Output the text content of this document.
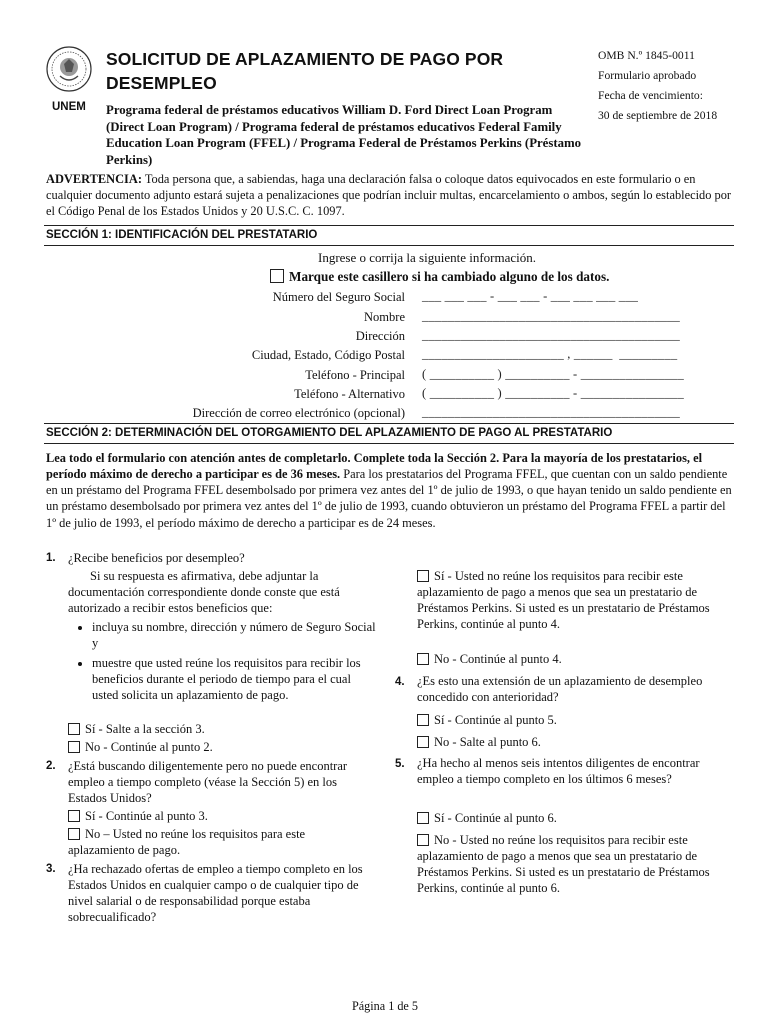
UNEM
SOLICITUD DE APLAZAMIENTO DE PAGO POR DESEMPLEO
Programa federal de préstamos educativos William D. Ford Direct Loan Program (Direct Loan Program) / Programa federal de préstamos educativos Federal Family Education Loan Program (FFEL) / Programa Federal de Préstamos Perkins (Préstamo Perkins)
OMB N.º 1845-0011
Formulario aprobado
Fecha de vencimiento:
30 de septiembre de 2018
ADVERTENCIA: Toda persona que, a sabiendas, haga una declaración falsa o coloque datos equivocados en este formulario o en cualquier documento adjunto estará sujeta a penalizaciones que podrían incluir multas, encarcelamiento o ambos, según lo establecido por el Código Penal de los Estados Unidos y 20 U.S.C. C. 1097.
SECCIÓN 1: IDENTIFICACIÓN DEL PRESTATARIO
Ingrese o corrija la siguiente información.
Marque este casillero si ha cambiado alguno de los datos.
Número del Seguro Social ___ ___ ___ - ___ ___ - ___ ___ ___ ___
Nombre ________________________________________
Dirección ________________________________________
Ciudad, Estado, Código Postal ______________________ , ______  _________
Teléfono - Principal ( __________ ) __________ - ________________
Teléfono - Alternativo ( __________ ) __________ - ________________
Dirección de correo electrónico (opcional) ________________________________________
SECCIÓN 2: DETERMINACIÓN DEL OTORGAMIENTO DEL APLAZAMIENTO DE PAGO AL PRESTATARIO
Lea todo el formulario con atención antes de completarlo. Complete toda la Sección 2. Para la mayoría de los prestatarios, el período máximo de derecho a participar es de 36 meses. Para los prestatarios del Programa FFEL, que cuentan con un saldo pendiente en un préstamo del Programa FFEL desembolsado por primera vez antes del 1º de julio de 1993, o que hayan tenido un saldo pendiente en un préstamo desembolsado por primera vez antes del 1º de julio de 1993, cuando obtuvieron un préstamo del Programa FFEL a partir del 1º de julio de 1993, el período máximo de derecho a participar es de 24 meses.
1. ¿Recibe beneficios por desempleo?
Si su respuesta es afirmativa, debe adjuntar la documentación correspondiente donde conste que está autorizado a recibir estos beneficios que:
• incluya su nombre, dirección y número de Seguro Social y
• muestre que usted reúne los requisitos para recibir los beneficios durante el periodo de tiempo para el cual usted solicita un aplazamiento de pago.
Sí - Salte a la sección 3.
No - Continúe al punto 2.
2. ¿Está buscando diligentemente pero no puede encontrar empleo a tiempo completo (véase la Sección 5) en los Estados Unidos?
Sí - Continúe al punto 3.
No – Usted no reúne los requisitos para este aplazamiento de pago.
3. ¿Ha rechazado ofertas de empleo a tiempo completo en los Estados Unidos en cualquier campo o de cualquier tipo de nivel salarial o de responsabilidad porque estaba sobrecualificado?
Sí - Usted no reúne los requisitos para recibir este aplazamiento de pago a menos que sea un prestatario de Préstamos Perkins. Si usted es un prestatario de Préstamos Perkins, continúe al punto 4.
No - Continúe al punto 4.
4. ¿Es esto una extensión de un aplazamiento de desempleo concedido con anterioridad?
Sí - Continúe al punto 5.
No - Salte al punto 6.
5. ¿Ha hecho al menos seis intentos diligentes de encontrar empleo a tiempo completo en los últimos 6 meses?
Sí - Continúe al punto 6.
No - Usted no reúne los requisitos para recibir este aplazamiento de pago a menos que sea un prestatario de Préstamos Perkins. Si usted es un prestatario de Préstamos Perkins, continúe al punto 6.
Página 1 de 5
